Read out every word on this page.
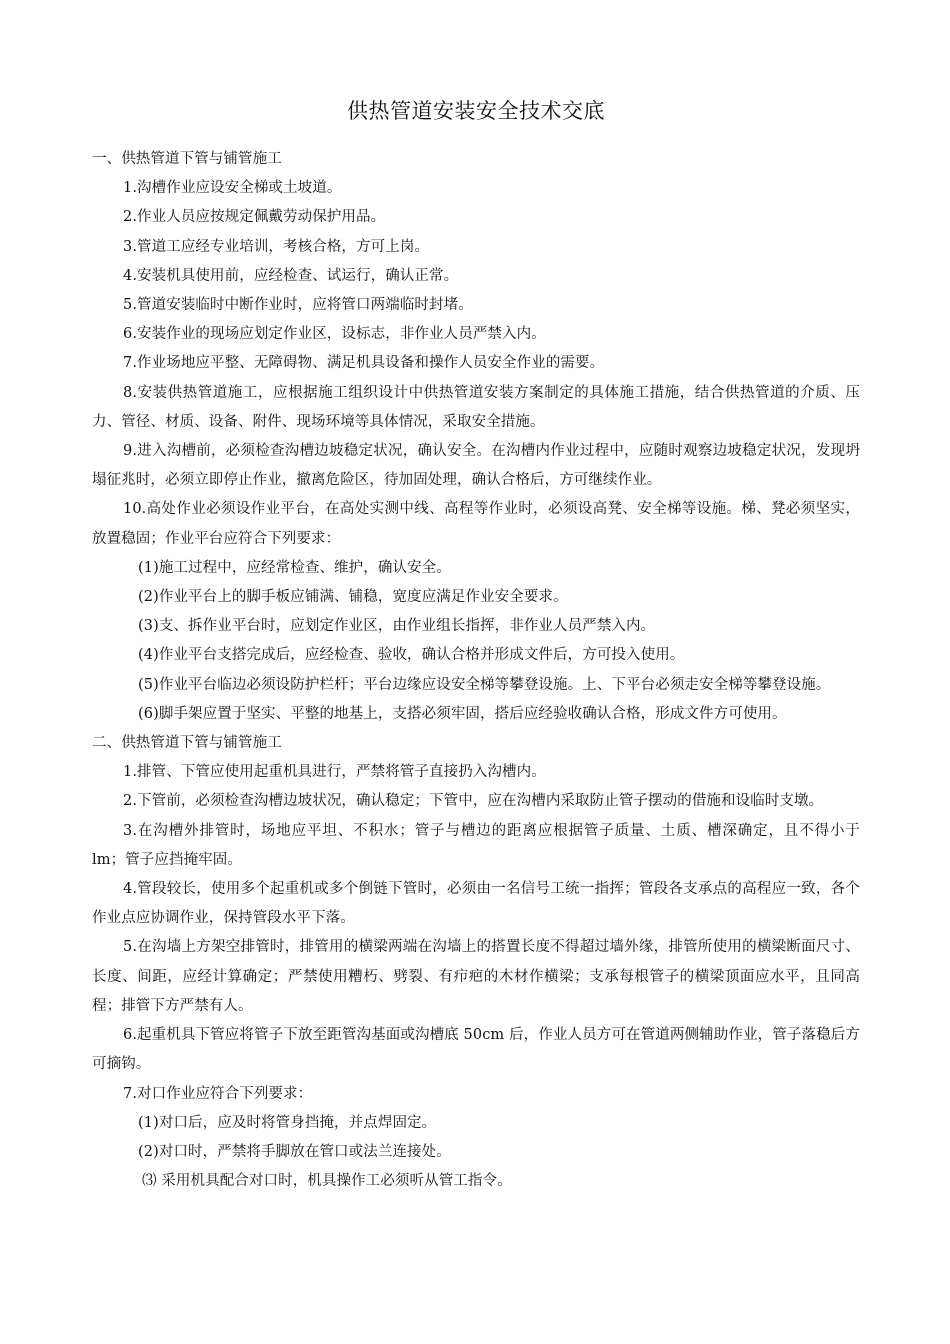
供热管道安装安全技术交底

一、供热管道下管与铺管施工

1.沟槽作业应设安全梯或土坡道。

2.作业人员应按规定佩戴劳动保护用品。

3.管道工应经专业培训，考核合格，方可上岗。

4.安装机具使用前，应经检查、试运行，确认正常。

5.管道安装临时中断作业时，应将管口两端临时封堵。

6.安装作业的现场应划定作业区，设标志，非作业人员严禁入内。

7.作业场地应平整、无障碍物、满足机具设备和操作人员安全作业的需要。

8.安装供热管道施工，应根据施工组织设计中供热管道安装方案制定的具体施工措施，结合供热管道的介质、压力、管径、材质、设备、附件、现场环境等具体情况，采取安全措施。

9.进入沟槽前，必须检查沟槽边坡稳定状况，确认安全。在沟槽内作业过程中，应随时观察边坡稳定状况，发现坍塌征兆时，必须立即停止作业，撤离危险区，待加固处理，确认合格后，方可继续作业。

10.高处作业必须设作业平台，在高处实测中线、高程等作业时，必须设高凳、安全梯等设施。梯、凳必须坚实，放置稳固；作业平台应符合下列要求：

(1)施工过程中，应经常检查、维护，确认安全。

(2)作业平台上的脚手板应铺满、铺稳，宽度应满足作业安全要求。

(3)支、拆作业平台时，应划定作业区，由作业组长指挥，非作业人员严禁入内。

(4)作业平台支搭完成后，应经检查、验收，确认合格并形成文件后，方可投入使用。

(5)作业平台临边必须设防护栏杆；平台边缘应设安全梯等攀登设施。上、下平台必须走安全梯等攀登设施。

(6)脚手架应置于坚实、平整的地基上，支搭必须牢固，搭后应经验收确认合格，形成文件方可使用。

二、供热管道下管与铺管施工

1.排管、下管应使用起重机具进行，严禁将管子直接扔入沟槽内。

2.下管前，必须检查沟槽边坡状况，确认稳定；下管中，应在沟槽内采取防止管子摆动的借施和设临时支墩。

3.在沟槽外排管时，场地应平坦、不积水；管子与槽边的距离应根据管子质量、土质、槽深确定，且不得小于 lm；管子应挡掩牢固。

4.管段较长，使用多个起重机或多个倒链下管时，必须由一名信号工统一指挥；管段各支承点的高程应一致，各个作业点应协调作业，保持管段水平下落。

5.在沟墙上方架空排管时，排管用的横梁两端在沟墙上的搭置长度不得超过墙外缘，排管所使用的横梁断面尺寸、长度、间距，应经计算确定；严禁使用糟朽、劈裂、有疖疤的木材作横梁；支承每根管子的横梁顶面应水平，且同高程；排管下方严禁有人。

6.起重机具下管应将管子下放至距管沟基面或沟槽底 50cm 后，作业人员方可在管道两侧辅助作业，管子落稳后方可摘钩。

7.对口作业应符合下列要求：

(1)对口后，应及时将管身挡掩，并点焊固定。

(2)对口时，严禁将手脚放在管口或法兰连接处。

⑶ 采用机具配合对口时，机具操作工必须听从管工指令。
